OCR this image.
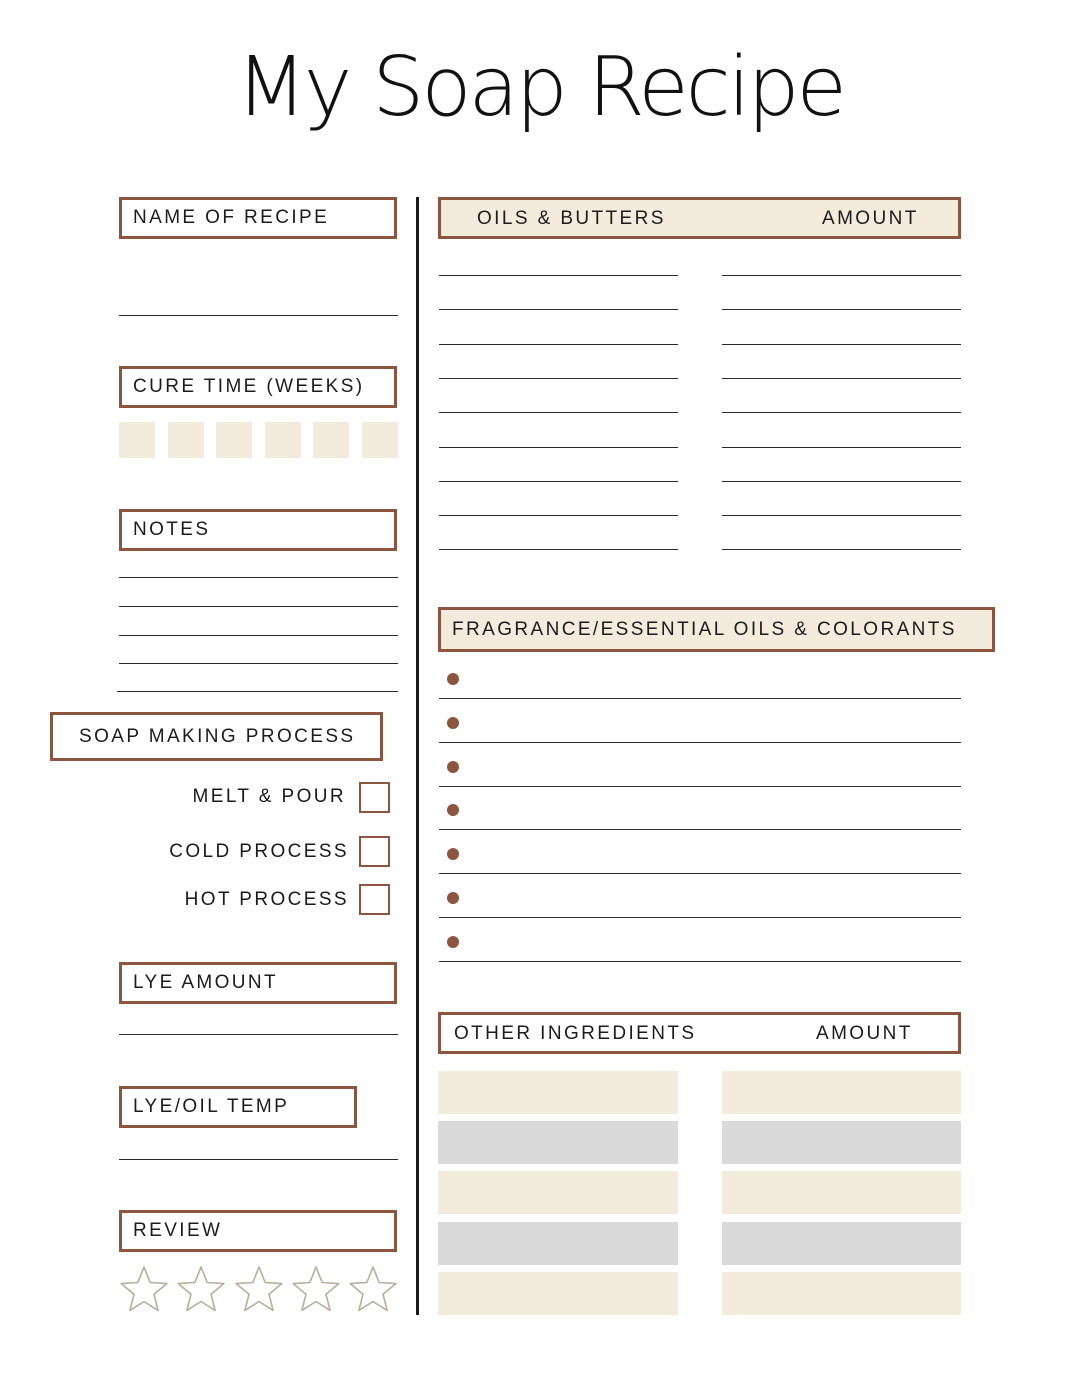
My Soap Recipe
NAME OF RECIPE
CURE TIME (WEEKS)
NOTES
SOAP MAKING PROCESS
MELT & POUR
COLD PROCESS
HOT PROCESS
LYE AMOUNT
LYE/OIL TEMP
REVIEW
OILS & BUTTERS	AMOUNT
FRAGRANCE/ESSENTIAL OILS & COLORANTS
OTHER INGREDIENTS	AMOUNT
